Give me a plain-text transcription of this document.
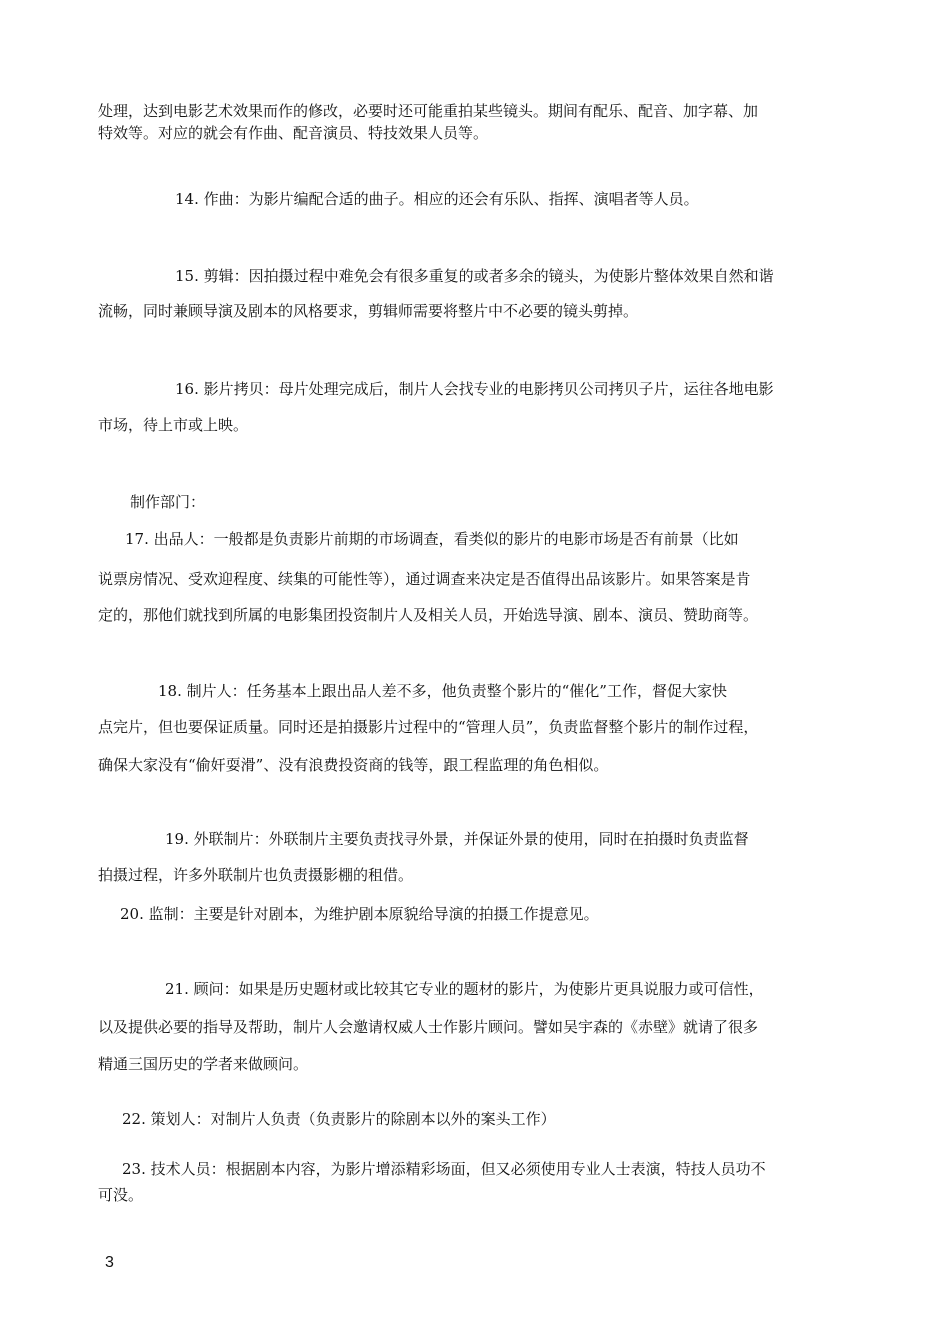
处理，达到电影艺术效果而作的修改，必要时还可能重拍某些镜头。期间有配乐、配音、加字幕、加
特效等。对应的就会有作曲、配音演员、特技效果人员等。
14. 作曲：为影片编配合适的曲子。相应的还会有乐队、指挥、演唱者等人员。
15. 剪辑：因拍摄过程中难免会有很多重复的或者多余的镜头，为使影片整体效果自然和谐
流畅，同时兼顾导演及剧本的风格要求，剪辑师需要将整片中不必要的镜头剪掉。
16. 影片拷贝：母片处理完成后，制片人会找专业的电影拷贝公司拷贝子片，运往各地电影
市场，待上市或上映。
制作部门：
17. 出品人：一般都是负责影片前期的市场调查，看类似的影片的电影市场是否有前景（比如
说票房情况、受欢迎程度、续集的可能性等），通过调查来决定是否值得出品该影片。如果答案是肯
定的，那他们就找到所属的电影集团投资制片人及相关人员，开始选导演、剧本、演员、赞助商等。
18. 制片人：任务基本上跟出品人差不多，他负责整个影片的“催化”工作，督促大家快
点完片，但也要保证质量。同时还是拍摄影片过程中的“管理人员”，负责监督整个影片的制作过程，
确保大家没有“偷奸耍滑”、没有浪费投资商的钱等，跟工程监理的角色相似。
19. 外联制片：外联制片主要负责找寻外景，并保证外景的使用，同时在拍摄时负责监督
拍摄过程，许多外联制片也负责摄影棚的租借。
20. 监制：主要是针对剧本，为维护剧本原貌给导演的拍摄工作提意见。
21. 顾问：如果是历史题材或比较其它专业的题材的影片，为使影片更具说服力或可信性，
以及提供必要的指导及帮助，制片人会邀请权威人士作影片顾问。譬如吴宇森的《赤壁》就请了很多
精通三国历史的学者来做顾问。
22. 策划人：对制片人负责（负责影片的除剧本以外的案头工作）
23. 技术人员：根据剧本内容，为影片增添精彩场面，但又必须使用专业人士表演，特技人员功不
可没。
3
